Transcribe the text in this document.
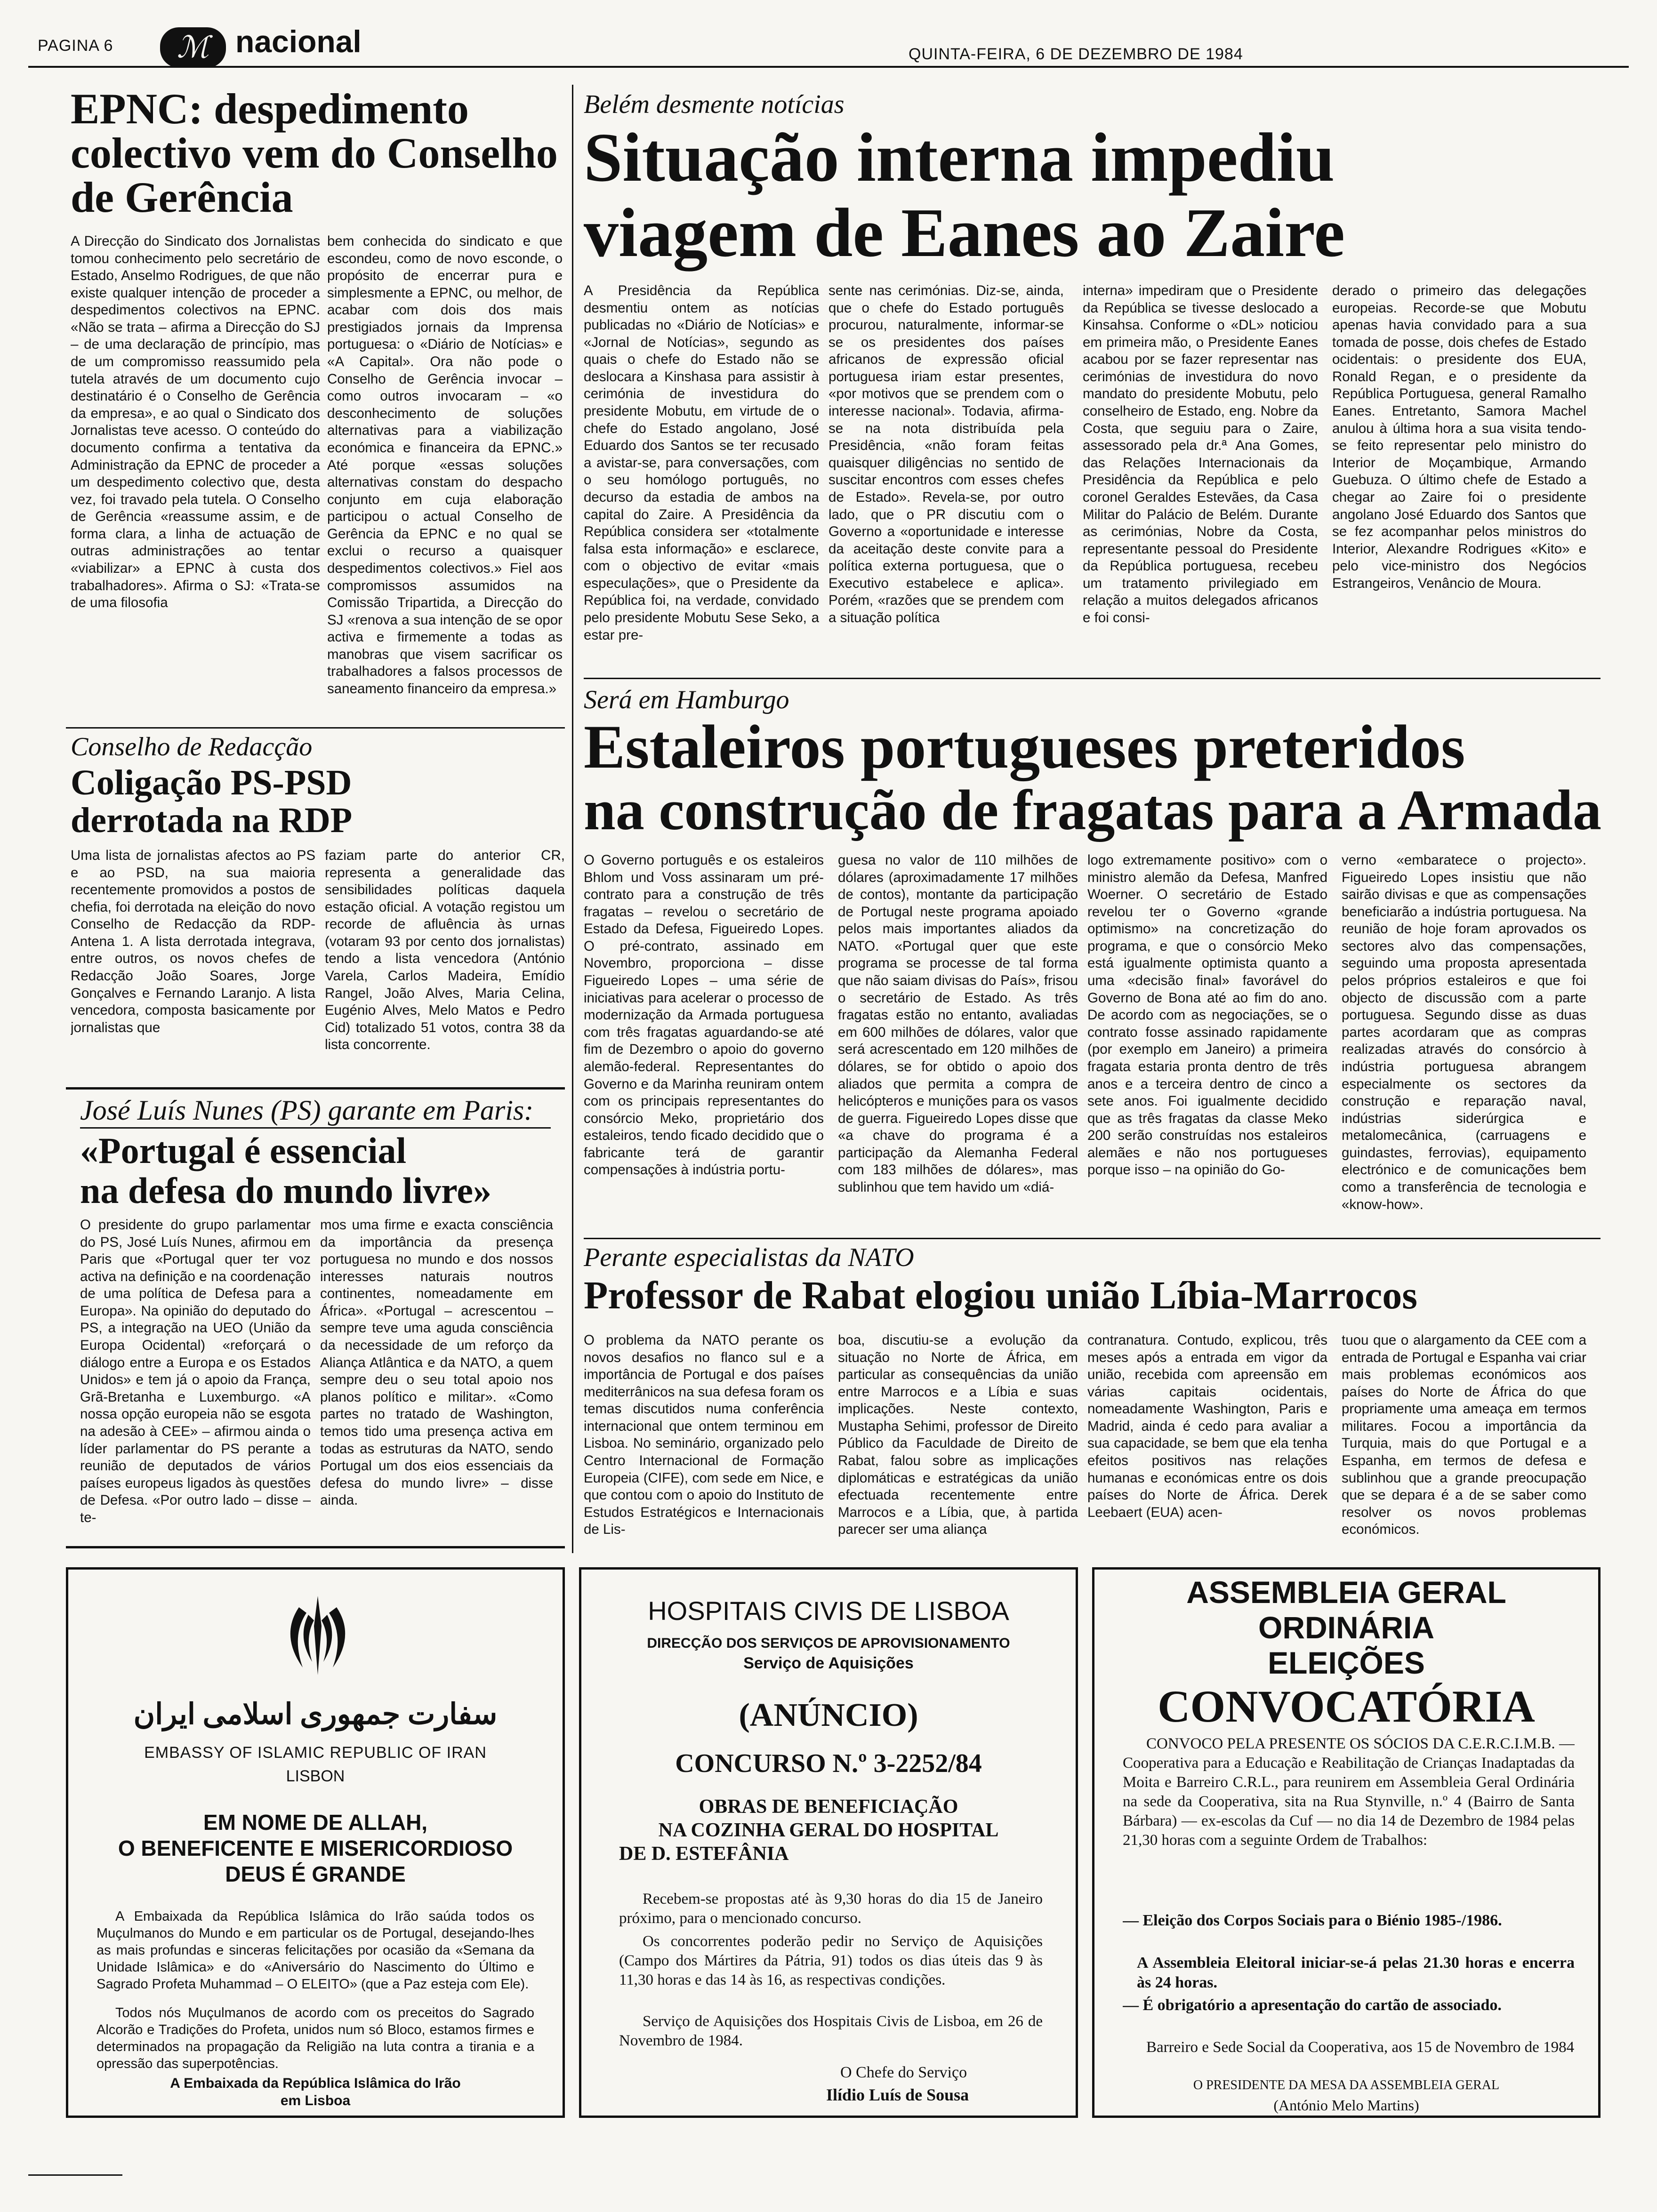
PAGINA 6	ℳ nacional	QUINTA-FEIRA, 6 DE DEZEMBRO DE 1984
EPNC: despedimento colectivo vem do Conselho de Gerência
A Direcção do Sindicato dos Jornalistas tomou conhecimento pelo secretário de Estado, Anselmo Rodrigues, de que não existe qualquer intenção de proceder a despedimentos colectivos na EPNC. «Não se trata – afirma a Direcção do SJ – de uma declaração de princípio, mas de um compromisso reassumido pela tutela através de um documento cujo destinatário é o Conselho de Gerência da empresa», e ao qual o Sindicato dos Jornalistas teve acesso. O conteúdo do documento confirma a tentativa da Administração da EPNC de proceder a um despedimento colectivo que, desta vez, foi travado pela tutela. O Conselho de Gerência «reassume assim, e de forma clara, a linha de actuação de outras administrações ao tentar «viabilizar» a EPNC à custa dos trabalhadores». Afirma o SJ: «Trata-se de uma filosofia
bem conhecida do sindicato e que escondeu, como de novo esconde, o propósito de encerrar pura e simplesmente a EPNC, ou melhor, de acabar com dois dos mais prestigiados jornais da Imprensa portuguesa: o «Diário de Notícias» e «A Capital». Ora não pode o Conselho de Gerência invocar – como outros invocaram – «o desconhecimento de soluções alternativas para a viabilização económica e financeira da EPNC.» Até porque «essas soluções alternativas constam do despacho conjunto em cuja elaboração participou o actual Conselho de Gerência da EPNC e no qual se exclui o recurso a quaisquer despedimentos colectivos.» Fiel aos compromissos assumidos na Comissão Tripartida, a Direcção do SJ «renova a sua intenção de se opor activa e firmemente a todas as manobras que visem sacrificar os trabalhadores a falsos processos de saneamento financeiro da empresa.»
Belém desmente notícias
Situação interna impediu
viagem de Eanes ao Zaire
A Presidência da República desmentiu ontem as notícias publicadas no «Diário de Notícias» e «Jornal de Notícias», segundo as quais o chefe do Estado não se deslocara a Kinshasa para assistir à cerimónia de investidura do presidente Mobutu, em virtude de o chefe do Estado angolano, José Eduardo dos Santos se ter recusado a avistar-se, para conversações, com o seu homólogo português, no decurso da estadia de ambos na capital do Zaire. A Presidência da República considera ser «totalmente falsa esta informação» e esclarece, com o objectivo de evitar «mais especulações», que o Presidente da República foi, na verdade, convidado pelo presidente Mobutu Sese Seko, a estar pre-
sente nas cerimónias. Diz-se, ainda, que o chefe do Estado português procurou, naturalmente, informar-se se os presidentes dos países africanos de expressão oficial portuguesa iriam estar presentes, «por motivos que se prendem com o interesse nacional». Todavia, afirma-se na nota distribuída pela Presidência, «não foram feitas quaisquer diligências no sentido de suscitar encontros com esses chefes de Estado». Revela-se, por outro lado, que o PR discutiu com o Governo a «oportunidade e interesse da aceitação deste convite para a política externa portuguesa, que o Executivo estabelece e aplica». Porém, «razões que se prendem com a situação política
interna» impediram que o Presidente da República se tivesse deslocado a Kinsahsa. Conforme o «DL» noticiou em primeira mão, o Presidente Eanes acabou por se fazer representar nas cerimónias de investidura do novo mandato do presidente Mobutu, pelo conselheiro de Estado, eng. Nobre da Costa, que seguiu para o Zaire, assessorado pela dr.ª Ana Gomes, das Relações Internacionais da Presidência da República e pelo coronel Geraldes Estevães, da Casa Militar do Palácio de Belém. Durante as cerimónias, Nobre da Costa, representante pessoal do Presidente da República portuguesa, recebeu um tratamento privilegiado em relação a muitos delegados africanos e foi consi-
derado o primeiro das delegações europeias. Recorde-se que Mobutu apenas havia convidado para a sua tomada de posse, dois chefes de Estado ocidentais: o presidente dos EUA, Ronald Regan, e o presidente da República Portuguesa, general Ramalho Eanes. Entretanto, Samora Machel anulou à última hora a sua visita tendo-se feito representar pelo ministro do Interior de Moçambique, Armando Guebuza. O último chefe de Estado a chegar ao Zaire foi o presidente angolano José Eduardo dos Santos que se fez acompanhar pelos ministros do Interior, Alexandre Rodrigues «Kito» e pelo vice-ministro dos Negócios Estrangeiros, Venâncio de Moura.
Conselho de Redacção
Coligação PS-PSD
derrotada na RDP
Uma lista de jornalistas afectos ao PS e ao PSD, na sua maioria recentemente promovidos a postos de chefia, foi derrotada na eleição do novo Conselho de Redacção da RDP-Antena 1. A lista derrotada integrava, entre outros, os novos chefes de Redacção João Soares, Jorge Gonçalves e Fernando Laranjo. A lista vencedora, composta basicamente por jornalistas que
faziam parte do anterior CR, representa a generalidade das sensibilidades políticas daquela estação oficial. A votação registou um recorde de afluência às urnas (votaram 93 por cento dos jornalistas) tendo a lista vencedora (António Varela, Carlos Madeira, Emídio Rangel, João Alves, Maria Celina, Eugénio Alves, Melo Matos e Pedro Cid) totalizado 51 votos, contra 38 da lista concorrente.
José Luís Nunes (PS) garante em Paris:
«Portugal é essencial
na defesa do mundo livre»
O presidente do grupo parlamentar do PS, José Luís Nunes, afirmou em Paris que «Portugal quer ter voz activa na definição e na coordenação de uma política de Defesa para a Europa». Na opinião do deputado do PS, a integração na UEO (União da Europa Ocidental) «reforçará o diálogo entre a Europa e os Estados Unidos» e tem já o apoio da França, Grã-Bretanha e Luxemburgo. «A nossa opção europeia não se esgota na adesão à CEE» – afirmou ainda o líder parlamentar do PS perante a reunião de deputados de vários países europeus ligados às questões de Defesa. «Por outro lado – disse – te-
mos uma firme e exacta consciência da importância da presença portuguesa no mundo e dos nossos interesses naturais noutros continentes, nomeadamente em África». «Portugal – acrescentou – sempre teve uma aguda consciência da necessidade de um reforço da Aliança Atlântica e da NATO, a quem sempre deu o seu total apoio nos planos político e militar». «Como partes no tratado de Washington, temos tido uma presença activa em todas as estruturas da NATO, sendo Portugal um dos eios essenciais da defesa do mundo livre» – disse ainda.
Será em Hamburgo
Estaleiros portugueses preteridos
na construção de fragatas para a Armada
O Governo português e os estaleiros Bhlom und Voss assinaram um pré-contrato para a construção de três fragatas – revelou o secretário de Estado da Defesa, Figueiredo Lopes. O pré-contrato, assinado em Novembro, proporciona – disse Figueiredo Lopes – uma série de iniciativas para acelerar o processo de modernização da Armada portuguesa com três fragatas aguardando-se até fim de Dezembro o apoio do governo alemão-federal. Representantes do Governo e da Marinha reuniram ontem com os principais representantes do consórcio Meko, proprietário dos estaleiros, tendo ficado decidido que o fabricante terá de garantir compensações à indústria portu-
guesa no valor de 110 milhões de dólares (aproximadamente 17 milhões de contos), montante da participação de Portugal neste programa apoiado pelos mais importantes aliados da NATO. «Portugal quer que este programa se processe de tal forma que não saiam divisas do País», frisou o secretário de Estado. As três fragatas estão no entanto, avaliadas em 600 milhões de dólares, valor que será acrescentado em 120 milhões de dólares, se for obtido o apoio dos aliados que permita a compra de helicópteros e munições para os vasos de guerra. Figueiredo Lopes disse que «a chave do programa é a participação da Alemanha Federal com 183 milhões de dólares», mas sublinhou que tem havido um «diá-
logo extremamente positivo» com o ministro alemão da Defesa, Manfred Woerner. O secretário de Estado revelou ter o Governo «grande optimismo» na concretização do programa, e que o consórcio Meko está igualmente optimista quanto a uma «decisão final» favorável do Governo de Bona até ao fim do ano. De acordo com as negociações, se o contrato fosse assinado rapidamente (por exemplo em Janeiro) a primeira fragata estaria pronta dentro de três anos e a terceira dentro de cinco a sete anos. Foi igualmente decidido que as três fragatas da classe Meko 200 serão construídas nos estaleiros alemães e não nos portugueses porque isso – na opinião do Go-
verno «embaratece o projecto». Figueiredo Lopes insistiu que não sairão divisas e que as compensações beneficiarão a indústria portuguesa. Na reunião de hoje foram aprovados os sectores alvo das compensações, seguindo uma proposta apresentada pelos próprios estaleiros e que foi objecto de discussão com a parte portuguesa. Segundo disse as duas partes acordaram que as compras realizadas através do consórcio à indústria portuguesa abrangem especialmente os sectores da construção e reparação naval, indústrias siderúrgica e metalomecânica, (carruagens e guindastes, ferrovias), equipamento electrónico e de comunicações bem como a transferência de tecnologia e «know-how».
Perante especialistas da NATO
Professor de Rabat elogiou união Líbia-Marrocos
O problema da NATO perante os novos desafios no flanco sul e a importância de Portugal e dos países mediterrânicos na sua defesa foram os temas discutidos numa conferência internacional que ontem terminou em Lisboa. No seminário, organizado pelo Centro Internacional de Formação Europeia (CIFE), com sede em Nice, e que contou com o apoio do Instituto de Estudos Estratégicos e Internacionais de Lis-
boa, discutiu-se a evolução da situação no Norte de África, em particular as consequências da união entre Marrocos e a Líbia e suas implicações. Neste contexto, Mustapha Sehimi, professor de Direito Público da Faculdade de Direito de Rabat, falou sobre as implicações diplomáticas e estratégicas da união efectuada recentemente entre Marrocos e a Líbia, que, à partida parecer ser uma aliança
contranatura. Contudo, explicou, três meses após a entrada em vigor da união, recebida com apreensão em várias capitais ocidentais, nomeadamente Washington, Paris e Madrid, ainda é cedo para avaliar a sua capacidade, se bem que ela tenha efeitos positivos nas relações humanas e económicas entre os dois países do Norte de África. Derek Leebaert (EUA) acen-
tuou que o alargamento da CEE com a entrada de Portugal e Espanha vai criar mais problemas económicos aos países do Norte de África do que propriamente uma ameaça em termos militares. Focou a importância da Turquia, mais do que Portugal e a Espanha, em termos de defesa e sublinhou que a grande preocupação que se depara é a de se saber como resolver os novos problemas económicos.
سفارت جمهوری اسلامی ایران
EMBASSY OF ISLAMIC REPUBLIC OF IRAN
LISBON
EM NOME DE ALLAH,
O BENEFICENTE E MISERICORDIOSO
DEUS É GRANDE
A Embaixada da República Islâmica do Irão saúda todos os Muçulmanos do Mundo e em particular os de Portugal, desejando-lhes as mais profundas e sinceras felicitações por ocasião da «Semana da Unidade Islâmica» e do «Aniversário do Nascimento do Último e Sagrado Profeta Muhammad – O ELEITO» (que a Paz esteja com Ele).
Todos nós Muçulmanos de acordo com os preceitos do Sagrado Alcorão e Tradições do Profeta, unidos num só Bloco, estamos firmes e determinados na propagação da Religião na luta contra a tirania e a opressão das superpotências.
A Embaixada da República Islâmica do Irão
em Lisboa
HOSPITAIS CIVIS DE LISBOA
DIRECÇÃO DOS SERVIÇOS DE APROVISIONAMENTO
Serviço de Aquisições
(ANÚNCIO)
CONCURSO N.º 3-2252/84
OBRAS DE BENEFICIAÇÃO
NA COZINHA GERAL DO HOSPITAL
DE D. ESTEFÂNIA
Recebem-se propostas até às 9,30 horas do dia 15 de Janeiro próximo, para o mencionado concurso.
Os concorrentes poderão pedir no Serviço de Aquisições (Campo dos Mártires da Pátria, 91) todos os dias úteis das 9 às 11,30 horas e das 14 às 16, as respectivas condições.
Serviço de Aquisições dos Hospitais Civis de Lisboa, em 26 de Novembro de 1984.
O Chefe do Serviço
Ilídio Luís de Sousa
ASSEMBLEIA GERAL
ORDINÁRIA
ELEIÇÕES
CONVOCATÓRIA
CONVOCO PELA PRESENTE OS SÓCIOS DA C.E.R.C.I.M.B. — Cooperativa para a Educação e Reabilitação de Crianças Inadaptadas da Moita e Barreiro C.R.L., para reunirem em Assembleia Geral Ordinária na sede da Cooperativa, sita na Rua Stynville, n.º 4 (Bairro de Santa Bárbara) — ex-escolas da Cuf — no dia 14 de Dezembro de 1984 pelas 21,30 horas com a seguinte Ordem de Trabalhos:
— Eleição dos Corpos Sociais para o Biénio 1985-/1986.
A Assembleia Eleitoral iniciar-se-á pelas 21.30 horas e encerra às 24 horas.
— É obrigatório a apresentação do cartão de associado.
Barreiro e Sede Social da Cooperativa, aos 15 de Novembro de 1984
O PRESIDENTE DA MESA DA ASSEMBLEIA GERAL
(António Melo Martins)
